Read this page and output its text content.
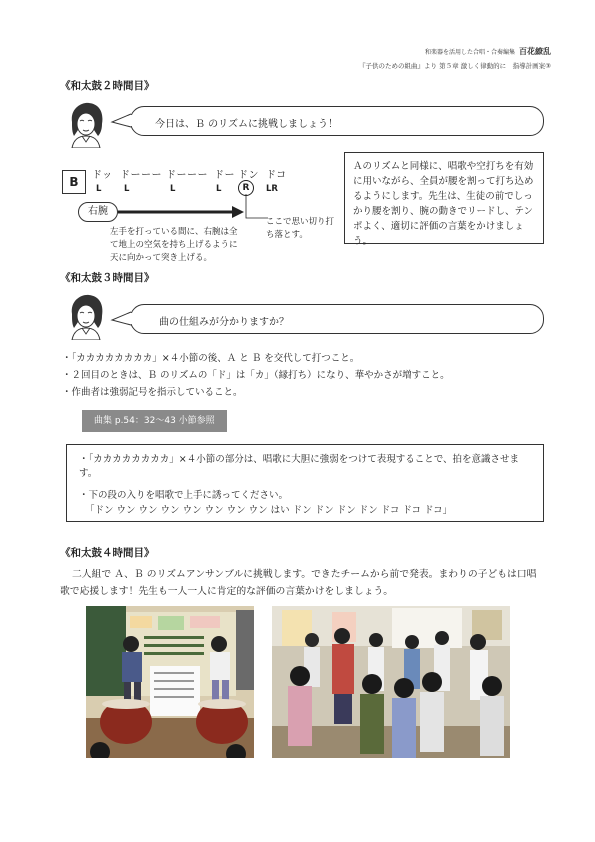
和楽器を活用した合唱・合奏編集 百花繚乱
『子供のための組曲』より 第５章 激しく律動的に　指導計画案③
《和太鼓２時間目》
今日は、Ｂ のリズムに挑戦しましょう！
B	ドッ ドーーー ドーーー ドー ドン ドコ
L	L	L	L	R	LR
右腕
ここで思い切り打ち落とす。
左手を打っている間に、右腕は全て地上の空気を持ち上げるように天に向かって突き上げる。
Ａのリズムと同様に、唱歌や空打ちを有効に用いながら、全員が腰を割って打ち込めるようにします。先生は、生徒の前でしっかり腰を割り、腕の動きでリードし、テンポよく、適切に評価の言葉をかけましょう。
《和太鼓３時間目》
曲の仕組みが分かりますか？
・「カカカカカカカカ」×４小節の後、Ａ と Ｂ を交代して打つこと。
・２回目のときは、Ｂ のリズムの「ド」は「カ」（縁打ち）になり、華やかさが増すこと。
・作曲者は強弱記号を指示していること。
曲集 p.54：32〜43 小節参照
・「カカカカカカカカ」×４小節の部分は、唱歌に大胆に強弱をつけて表現することで、拍を意識させます。
・下の段の入りを唱歌で上手に誘ってください。
「ドン ウン ウン ウン ウン ウン ウン ウン はい ドン ドン ドン ドン ドコ ドコ ドコ」
《和太鼓４時間目》
二人組で Ａ、Ｂ のリズムアンサンブルに挑戦します。できたチームから前で発表。まわりの子どもは口唱歌で応援します！先生も一人一人に肯定的な評価の言葉かけをしましょう。
